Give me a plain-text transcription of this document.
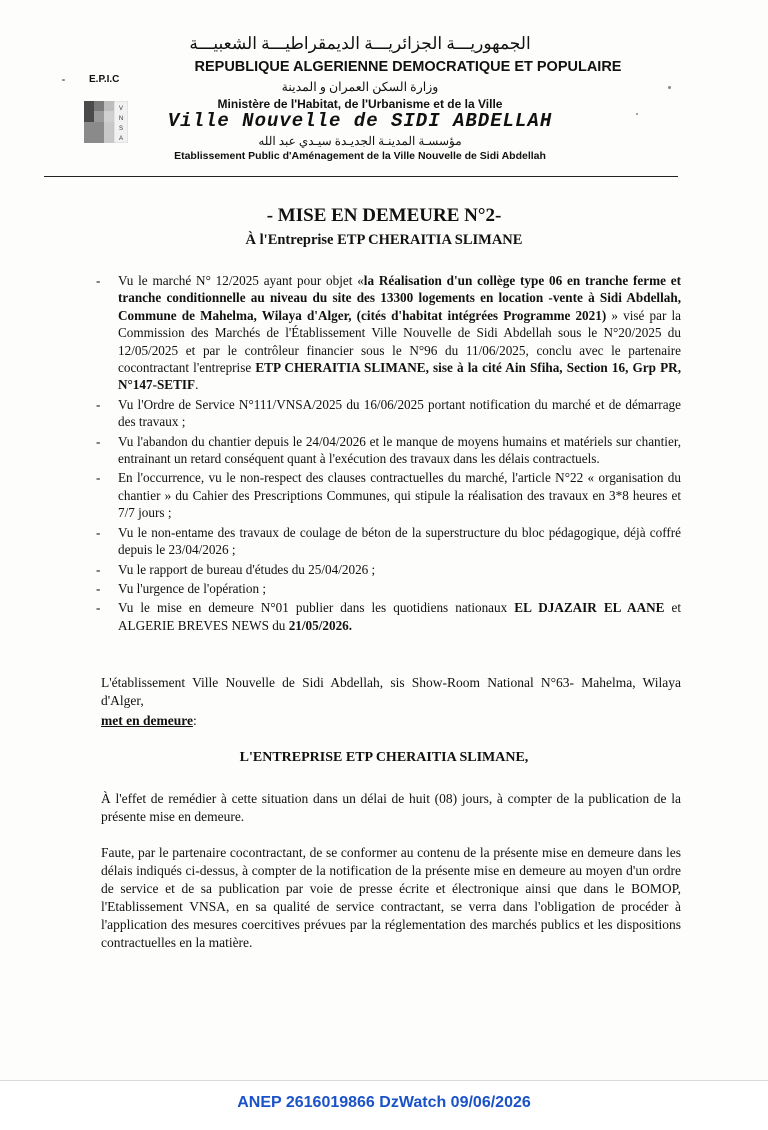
الجمهوريـــة الجزائريـــة الديمقراطيـــة الشعبيـــة
REPUBLIQUE ALGERIENNE DEMOCRATIQUE ET POPULAIRE
وزارة السكن العمران و المدينة
Ministère de l'Habitat, de l'Urbanisme et de la Ville
Ville Nouvelle de SIDI ABDELLAH
مؤسسـة المدينـة الجديـدة سيـدي عبد الله
Etablissement Public d'Aménagement de la Ville Nouvelle de Sidi Abdellah
E.P.I.C
V
N
S
A
- MISE EN DEMEURE N°2-
À l'Entreprise ETP CHERAITIA SLIMANE
- Vu le marché N° 12/2025 ayant pour objet «la Réalisation d'un collège type 06 en tranche ferme et tranche conditionnelle au niveau du site des 13300 logements en location -vente à Sidi Abdellah, Commune de Mahelma, Wilaya d'Alger, (cités d'habitat intégrées Programme 2021) » visé par la Commission des Marchés de l'Établissement Ville Nouvelle de Sidi Abdellah sous le N°20/2025 du 12/05/2025 et par le contrôleur financier sous le N°96 du 11/06/2025, conclu avec le partenaire cocontractant l'entreprise ETP CHERAITIA SLIMANE, sise à la cité Ain Sfiha, Section 16, Grp PR, N°147-SETIF.
- Vu l'Ordre de Service N°111/VNSA/2025 du 16/06/2025 portant notification du marché et de démarrage des travaux ;
- Vu l'abandon du chantier depuis le 24/04/2026 et le manque de moyens humains et matériels sur chantier, entrainant un retard conséquent quant à l'exécution des travaux dans les délais contractuels.
- En l'occurrence, vu le non-respect des clauses contractuelles du marché, l'article N°22 « organisation du chantier » du Cahier des Prescriptions Communes, qui stipule la réalisation des travaux en 3*8 heures et 7/7 jours ;
- Vu le non-entame des travaux de coulage de béton de la superstructure du bloc pédagogique, déjà coffré depuis le 23/04/2026 ;
- Vu le rapport de bureau d'études du 25/04/2026 ;
- Vu l'urgence de l'opération ;
- Vu le mise en demeure N°01 publier dans les quotidiens nationaux EL DJAZAIR EL AANE et ALGERIE BREVES NEWS du 21/05/2026.
L'établissement Ville Nouvelle de Sidi Abdellah, sis Show-Room National N°63- Mahelma, Wilaya d'Alger,
met en demeure :
L'ENTREPRISE ETP CHERAITIA SLIMANE,
À l'effet de remédier à cette situation dans un délai de huit (08) jours, à compter de la publication de la présente mise en demeure.
Faute, par le partenaire cocontractant, de se conformer au contenu de la présente mise en demeure dans les délais indiqués ci-dessus, à compter de la notification de la présente mise en demeure au moyen d'un ordre de service et de sa publication par voie de presse écrite et électronique ainsi que dans le BOMOP, l'Etablissement VNSA, en sa qualité de service contractant, se verra dans l'obligation de procéder à l'application des mesures coercitives prévues par la réglementation des marchés publics et les dispositions contractuelles en la matière.
ANEP 2616019866 DzWatch 09/06/2026
